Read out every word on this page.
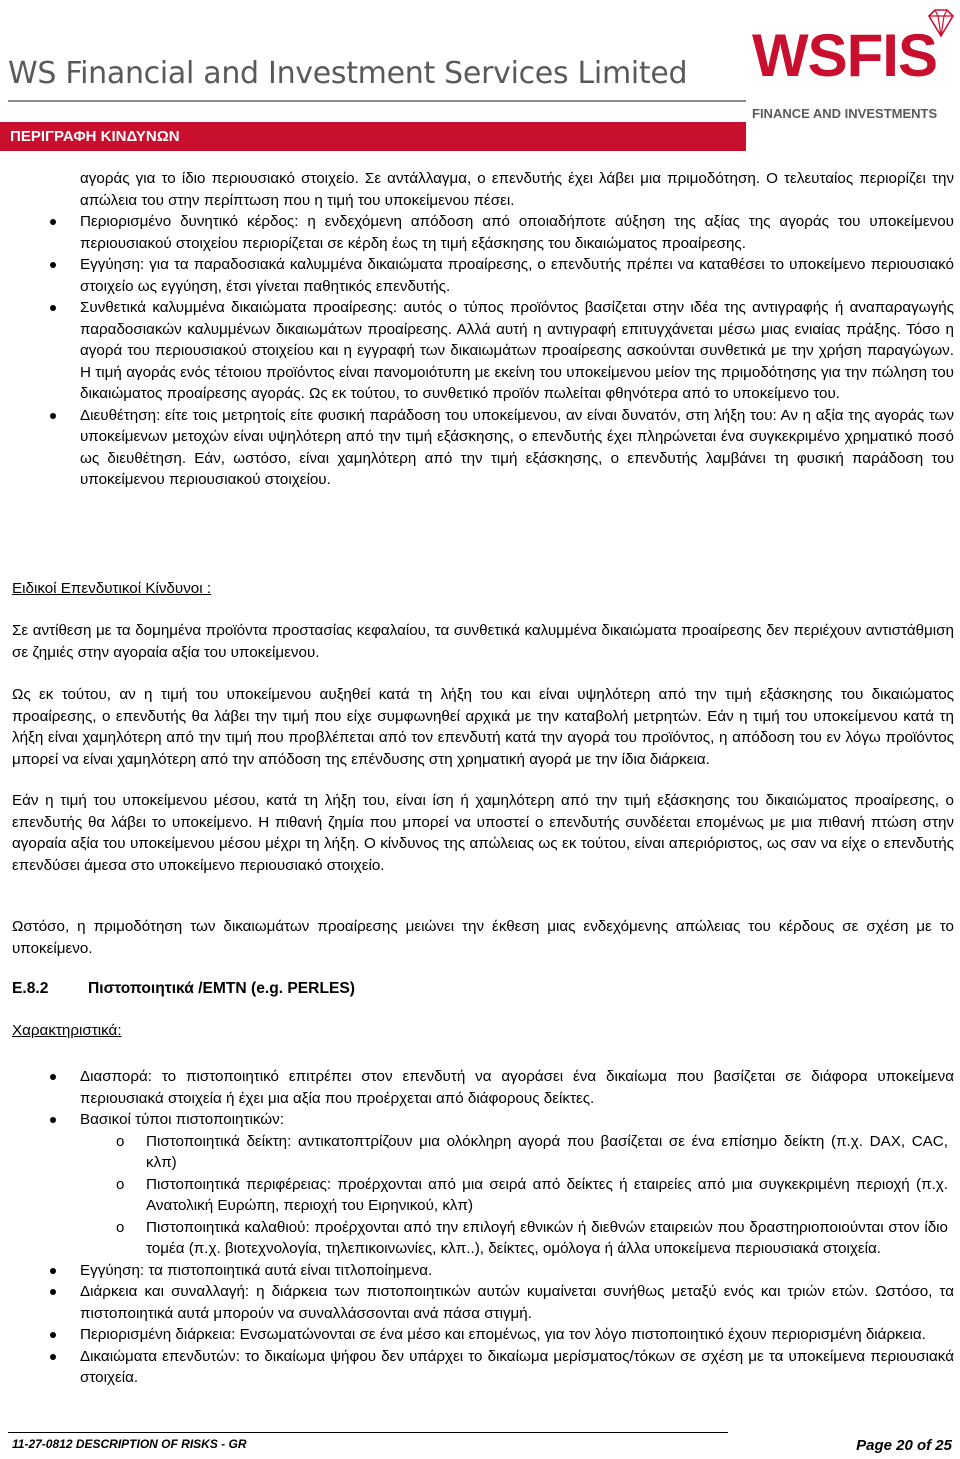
WS Financial and Investment Services Limited
ΠΕΡΙΓΡΑΦΗ ΚΙΝΔΥΝΩΝ
WSFIS
FINANCE AND INVESTMENTS
αγοράς για το ίδιο περιουσιακό στοιχείο. Σε αντάλλαγμα, ο επενδυτής έχει λάβει μια πριμοδότηση. Ο τελευταίος περιορίζει την απώλεια του στην περίπτωση που η τιμή του υποκείμενου πέσει.
Περιορισμένο δυνητικό κέρδος: η ενδεχόμενη απόδοση από οποιαδήποτε αύξηση της αξίας της αγοράς του υποκείμενου περιουσιακού στοιχείου περιορίζεται σε κέρδη έως τη τιμή εξάσκησης του δικαιώματος προαίρεσης.
Εγγύηση: για τα παραδοσιακά καλυμμένα δικαιώματα προαίρεσης, ο επενδυτής πρέπει να καταθέσει το υποκείμενο περιουσιακό στοιχείο ως εγγύηση, έτσι γίνεται παθητικός επενδυτής.
Συνθετικά καλυμμένα δικαιώματα προαίρεσης: αυτός ο τύπος προϊόντος βασίζεται στην ιδέα της αντιγραφής ή αναπαραγωγής παραδοσιακών καλυμμένων δικαιωμάτων προαίρεσης. Αλλά αυτή η αντιγραφή επιτυγχάνεται μέσω μιας ενιαίας πράξης. Τόσο η αγορά του περιουσιακού στοιχείου και η εγγραφή των δικαιωμάτων προαίρεσης ασκούνται συνθετικά με την χρήση παραγώγων. Η τιμή αγοράς ενός τέτοιου προϊόντος είναι πανομοιότυπη με εκείνη του υποκείμενου μείον της πριμοδότησης για την πώληση του δικαιώματος προαίρεσης αγοράς. Ως εκ τούτου, το συνθετικό προϊόν πωλείται φθηνότερα από το υποκείμενο του.
Διευθέτηση: είτε τοις μετρητοίς είτε φυσική παράδοση του υποκείμενου, αν είναι δυνατόν, στη λήξη του: Αν η αξία της αγοράς των υποκείμενων μετοχών είναι υψηλότερη από την τιμή εξάσκησης, ο επενδυτής έχει πληρώνεται ένα συγκεκριμένο χρηματικό ποσό ως διευθέτηση. Εάν, ωστόσο, είναι χαμηλότερη από την τιμή εξάσκησης, ο επενδυτής λαμβάνει τη φυσική παράδοση του υποκείμενου περιουσιακού στοιχείου.
Ειδικοί Επενδυτικοί Κίνδυνοι :

Σε αντίθεση με τα δομημένα προϊόντα προστασίας κεφαλαίου, τα συνθετικά καλυμμένα δικαιώματα προαίρεσης δεν περιέχουν αντιστάθμιση σε ζημιές στην αγοραία αξία του υποκείμενου.

Ως εκ τούτου, αν η τιμή του υποκείμενου αυξηθεί κατά τη λήξη του και είναι υψηλότερη από την τιμή εξάσκησης του δικαιώματος προαίρεσης, ο επενδυτής θα λάβει την τιμή που είχε συμφωνηθεί αρχικά με την καταβολή μετρητών. Εάν η τιμή του υποκείμενου κατά τη λήξη είναι χαμηλότερη από την τιμή που προβλέπεται από τον επενδυτή κατά την αγορά του προϊόντος, η απόδοση του εν λόγω προϊόντος μπορεί να είναι χαμηλότερη από την απόδοση της επένδυσης στη χρηματική αγορά με την ίδια διάρκεια.

Εάν η τιμή του υποκείμενου μέσου, κατά τη λήξη του, είναι ίση ή χαμηλότερη από την τιμή εξάσκησης του δικαιώματος προαίρεσης, ο επενδυτής θα λάβει το υποκείμενο. Η πιθανή ζημία που μπορεί να υποστεί ο επενδυτής συνδέεται επομένως με μια πιθανή πτώση στην αγοραία αξία του υποκείμενου μέσου μέχρι τη λήξη. Ο κίνδυνος της απώλειας ως εκ τούτου, είναι απεριόριστος, ως σαν να είχε ο επενδυτής επενδύσει άμεσα στο υποκείμενο περιουσιακό στοιχείο.

Ωστόσο, η πριμοδότηση των δικαιωμάτων προαίρεσης μειώνει την έκθεση μιας ενδεχόμενης απώλειας του κέρδους σε σχέση με το υποκείμενο.

E.8.2	Πιστοποιητικά /EMTN (e.g. PERLES)
Χαρακτηριστικά:
Διασπορά: το πιστοποιητικό επιτρέπει στον επενδυτή να αγοράσει ένα δικαίωμα που βασίζεται σε διάφορα υποκείμενα περιουσιακά στοιχεία ή έχει μια αξία που προέρχεται από διάφορους δείκτες.
Βασικοί τύποι πιστοποιητικών:
o Πιστοποιητικά δείκτη: αντικατοπτρίζουν μια ολόκληρη αγορά που βασίζεται σε ένα επίσημο δείκτη (π.χ. DAX, CAC, κλπ)
o Πιστοποιητικά περιφέρειας: προέρχονται από μια σειρά από δείκτες ή εταιρείες από μια συγκεκριμένη περιοχή (π.χ. Ανατολική Ευρώπη, περιοχή του Ειρηνικού, κλπ)
o Πιστοποιητικά καλαθιού: προέρχονται από την επιλογή εθνικών ή διεθνών εταιρειών που δραστηριοποιούνται στον ίδιο τομέα (π.χ. βιοτεχνολογία, τηλεπικοινωνίες, κλπ..), δείκτες, ομόλογα ή άλλα υποκείμενα περιουσιακά στοιχεία.
Εγγύηση: τα πιστοποιητικά αυτά είναι τιτλοποίημενα.
Διάρκεια και συναλλαγή: η διάρκεια των πιστοποιητικών αυτών κυμαίνεται συνήθως μεταξύ ενός και τριών ετών. Ωστόσο, τα πιστοποιητικά αυτά μπορούν να συναλλάσσονται ανά πάσα στιγμή.
Περιορισμένη διάρκεια: Ενσωματώνονται σε ένα μέσο και επομένως, για τον λόγο πιστοποιητικό έχουν περιορισμένη διάρκεια.
Δικαιώματα επενδυτών: το δικαίωμα ψήφου δεν υπάρχει το δικαίωμα μερίσματος/τόκων σε σχέση με τα υποκείμενα περιουσιακά στοιχεία.
11-27-0812 DESCRIPTION OF RISKS - GR	Page 20 of 25
